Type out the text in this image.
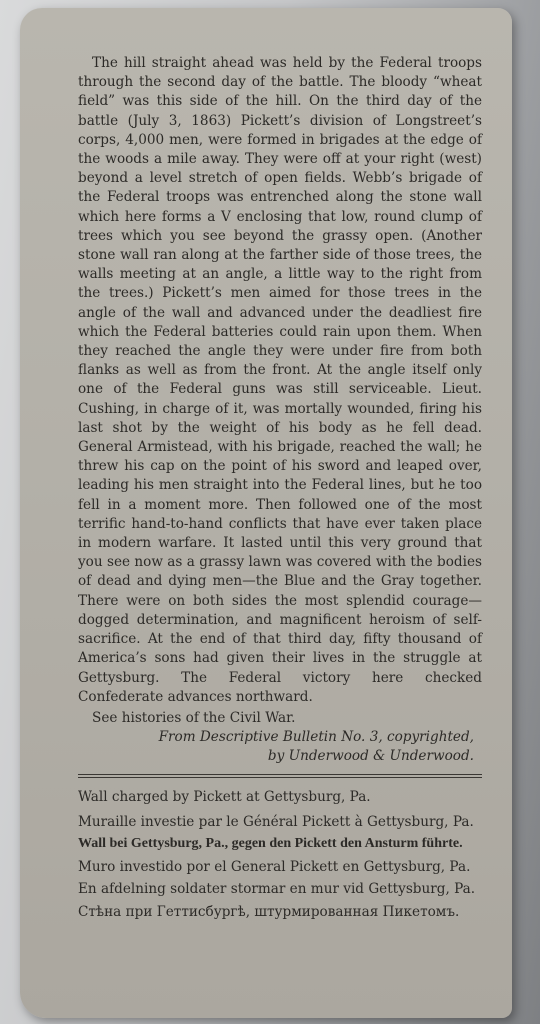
The hill straight ahead was held by the Federal troops through the second day of the battle. The bloody “wheat field” was this side of the hill. On the third day of the battle (July 3, 1863) Pickett’s division of Longstreet’s corps, 4,000 men, were formed in brigades at the edge of the woods a mile away. They were off at your right (west) beyond a level stretch of open fields. Webb’s brigade of the Federal troops was entrenched along the stone wall which here forms a V enclosing that low, round clump of trees which you see beyond the grassy open. (Another stone wall ran along at the farther side of those trees, the walls meeting at an angle, a little way to the right from the trees.) Pickett’s men aimed for those trees in the angle of the wall and advanced under the deadliest fire which the Federal batteries could rain upon them. When they reached the angle they were under fire from both flanks as well as from the front. At the angle itself only one of the Federal guns was still serviceable. Lieut. Cushing, in charge of it, was mortally wounded, firing his last shot by the weight of his body as he fell dead. General Armistead, with his brigade, reached the wall; he threw his cap on the point of his sword and leaped over, leading his men straight into the Federal lines, but he too fell in a moment more. Then followed one of the most terrific hand-to-hand conflicts that have ever taken place in modern warfare. It lasted until this very ground that you see now as a grassy lawn was covered with the bodies of dead and dying men—the Blue and the Gray together. There were on both sides the most splendid courage—dogged determination, and magnificent heroism of self-sacrifice. At the end of that third day, fifty thousand of America’s sons had given their lives in the struggle at Gettysburg. The Federal victory here checked Confederate advances northward.

See histories of the Civil War.

From Descriptive Bulletin No. 3, copyrighted,

by Underwood & Underwood.

Wall charged by Pickett at Gettysburg, Pa.

Muraille investie par le Général Pickett à Gettysburg, Pa.

Wall bei Gettysburg, Pa., gegen den Pickett den Ansturm führte.

Muro investido por el General Pickett en Gettysburg, Pa.

En afdelning soldater stormar en mur vid Gettysburg, Pa.

Стѣна при Геттисбургѣ, штурмированная Пикетомъ.
